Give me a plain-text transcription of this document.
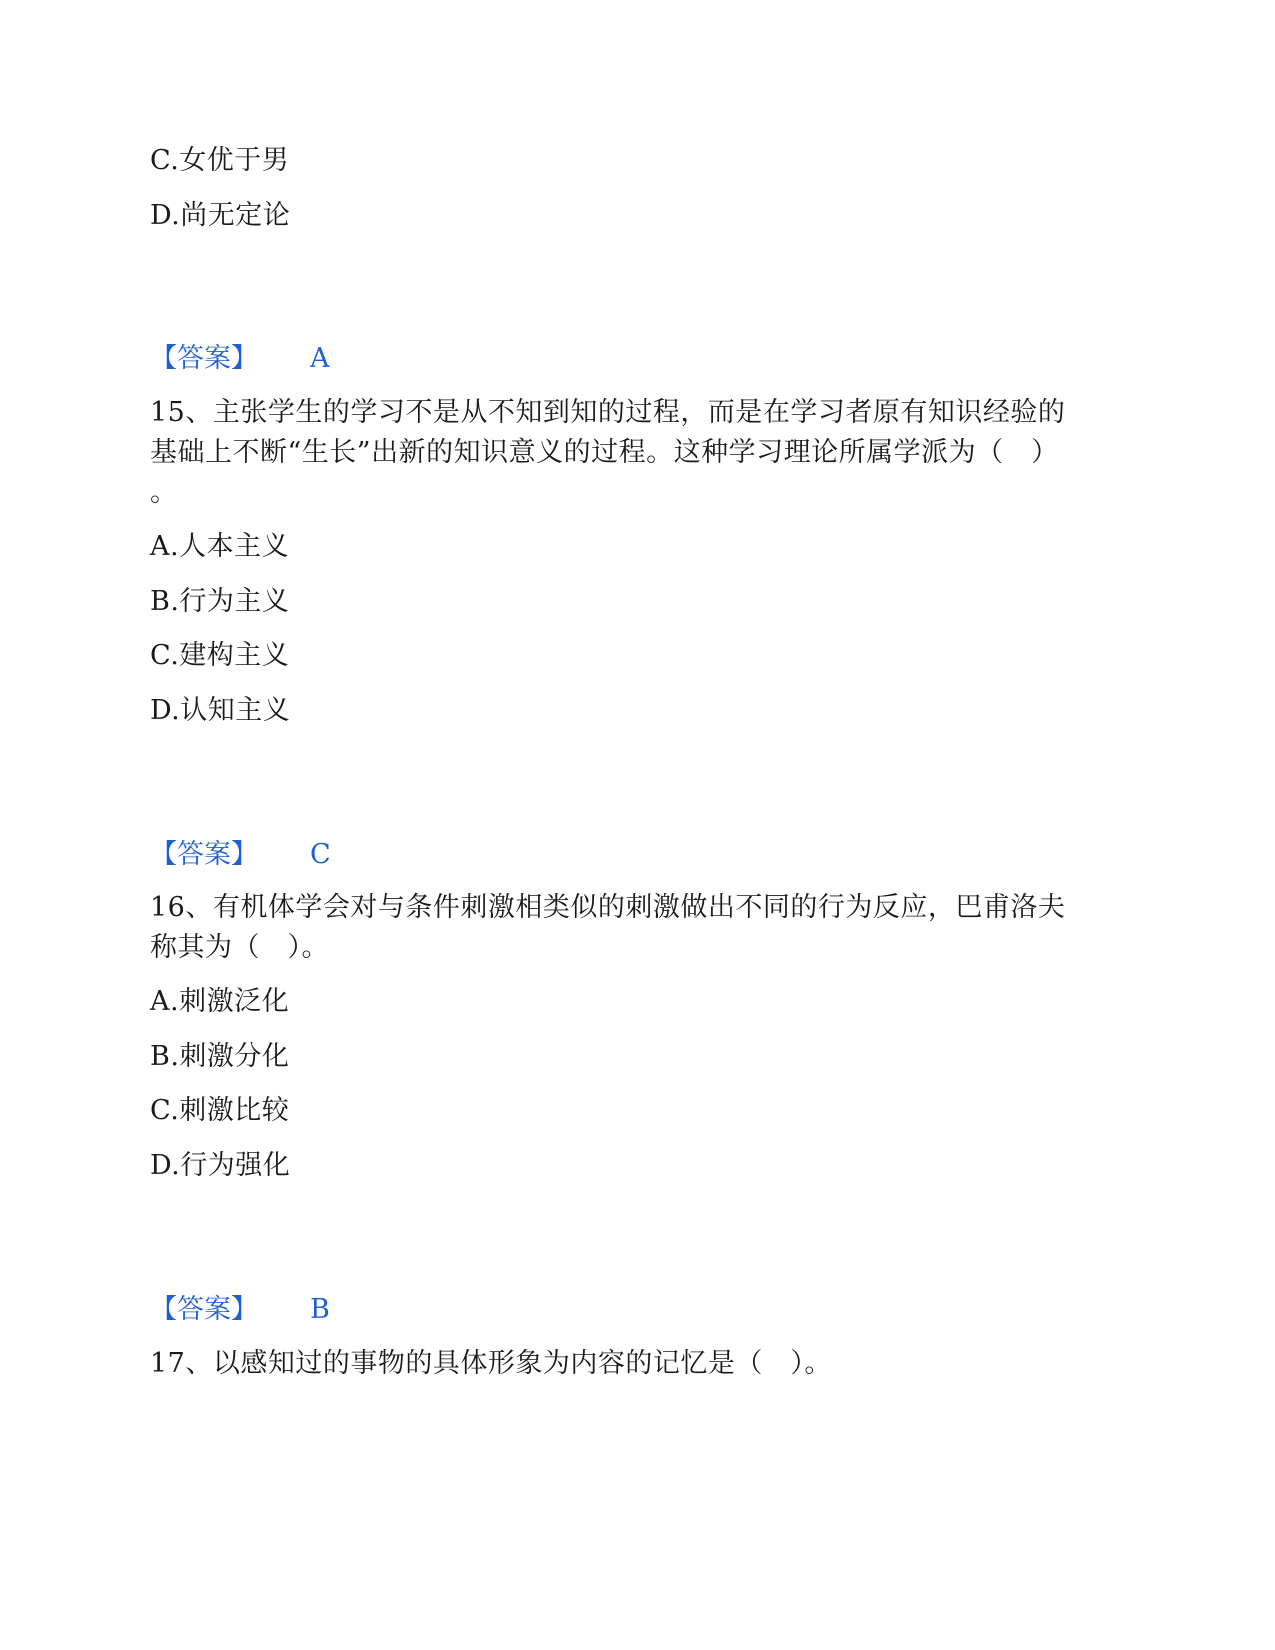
C.女优于男
D.尚无定论
【答案】 A
15、主张学生的学习不是从不知到知的过程，而是在学习者原有知识经验的
基础上不断“生长”出新的知识意义的过程。这种学习理论所属学派为（　）
。
A.人本主义
B.行为主义
C.建构主义
D.认知主义
【答案】 C
16、有机体学会对与条件刺激相类似的刺激做出不同的行为反应，巴甫洛夫
称其为（　）。
A.刺激泛化
B.刺激分化
C.刺激比较
D.行为强化
【答案】 B
17、以感知过的事物的具体形象为内容的记忆是（　）。
